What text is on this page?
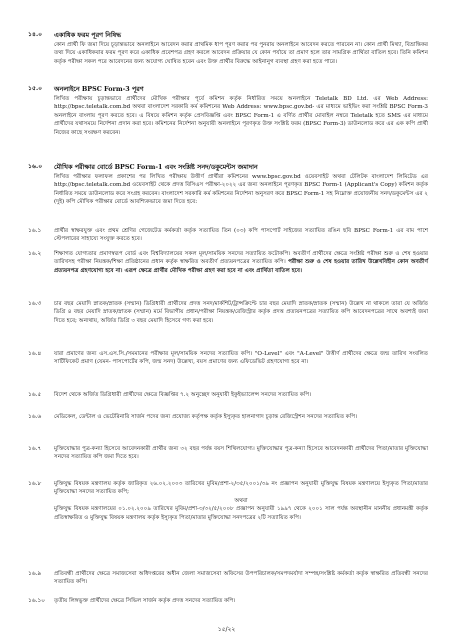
১৪.০	একাধিক ফরম পূরণ নিষিদ্ধ
কোন প্রার্থী ফি জমা দিয়ে চূড়ান্তভাবে অনলাইনে আবেদন করার প্রাথমিক ধাপ পূরণ করার পর পুনরায় অনলাইনে আবেদন করতে পারবেন না। কোন প্রার্থী মিথ্যা, বিভ্রান্তিকর তথ্য দিয়ে একাধিকবার ফরম পূরণ করে একাধিক প্রবেশপত্র গ্রহণ করলে আবেদন প্রক্রিয়ার যে কোন পর্যায়ে তা প্রমাণ হলে তার সামগ্রিক প্রার্থিতা বাতিল হবে। তিনি কমিশন কর্তৃক পরীক্ষা সকল পরে আবেদনের জন্য অযোগ্য ঘোষিত হবেন এবং উক্ত প্রার্থীর বিরুদ্ধে আইনানুগ ব্যবস্থা গ্রহণ করা হতে পারে।
১৫.০	অনলাইনে BPSC Form-3 পূরণ
লিখিত পরীক্ষায় চূড়ান্তভাবে প্রার্থীদের মৌখিক পরীক্ষার পূর্বে কমিশন কর্তৃক নির্ধারিত সময়ে অনলাইনে Teletalk BD Ltd. এর Web Address: http://bpsc.teletalk.com.bd অথবা বাংলাদেশ সরকারি কর্ম কমিশনের Web Address: www.bpsc.gov.bd- এর মাধ্যমে ভাইভিং করা সংশ্লিষ্ট BPSC Form-3 অনলাইনে বাংলায় পূরণ করতে হবে। এ বিষয়ে কমিশন কর্তৃক প্রেসবিজ্ঞপ্তি এবং BPSC Form-1 এ বর্ণিত প্রার্থীর মোবাইল নম্বরে Teletalk হতে SMS এর মাধ্যমে প্রার্থীদের যথাসময়ে নির্দেশনা প্রদান করা হবে। কমিশনের নির্দেশনা অনুযায়ী অনলাইনে পূরণকৃত উক্ত সংশ্লিষ্ট ফরম (BPSC Form-3) ডাউনলোড করে এর এক কপি প্রার্থী নিজের কাছে সংরক্ষণ করবেন।
১৬.০	মৌখিক পরীক্ষার বোর্ডে BPSC Form-1 এবং সংশ্লিষ্ট সনদ/ডকুমেন্টস জমাদান
লিখিত পরীক্ষার ফলাফল প্রকাশের পর লিখিত পরীক্ষায় উত্তীর্ণ প্রার্থীরা কমিশনের www.bpsc.gov.bd ওয়েবসাইট অথবা টেলিটক বাংলাদেশ লিমিটেড এর http://bpsc.teletalk.com.bd ওয়েবসাইট থেকে প্রদত্ত বিসিএস পরীক্ষা-২০২২ এর জন্য অনলাইনে পূরণকৃত BPSC Form-1 (Applicant's Copy) কমিশন কর্তৃক নির্ধারিত সময়ে ডাউনলোড করে সংগ্রহ করবেন। বাংলাদেশ সরকারি কর্ম কমিশনের নির্দেশনা অনুসরণ করে BPSC Form-1 সহ নিম্নোক্ত প্রয়োজনীয় সনদ/ডকুমেন্টস এর ২ (দুই) কপি মৌখিক পরীক্ষার বোর্ডে আবশ্যিকভাবে জমা দিতে হবে:
১৬.১	প্রার্থীর স্বাক্ষরযুক্ত এবং প্রথম শ্রেণির গেজেটেড কর্মকর্তা কর্তৃক সত্যায়িত তিন (০৩) কপি পাসপোর্ট সাইজের সত্যায়িত রঙিন ছবি BPSC Form-1 এর বাম পাশে স্টেপলারের সাহায্যে সংযুক্ত করতে হবে।
১৬.২	শিক্ষাগত যোগ্যতার প্রমাণস্বরূপ বোর্ড এবং বিশ্ববিদ্যালয়ের সকল মূল/সাময়িক সনদের সত্যায়িত ফটোকপি। অবতীর্ণ প্রার্থীদের ক্ষেত্রে সংশ্লিষ্ট পরীক্ষা শুরু ও শেষ হওয়ার তারিখসহ পরীক্ষা নিয়ন্ত্রক/শিক্ষা প্রতিষ্ঠানের প্রধান কর্তৃক স্বাক্ষরিত অবতীর্ণ প্রত্যয়নপত্রের সত্যায়িত কপি। পরীক্ষা শুরু ও শেষ হওয়ার তারিখ উল্লেখবিহীন কোন অবতীর্ণ প্রত্যয়নপত্র গ্রহণযোগ্য হবে না। এরূপ ক্ষেত্রে প্রার্থীর মৌখিক পরীক্ষা গ্রহণ করা হবে না এবং প্রার্থিতা বাতিল হবে।
১৬.৩	চার বছর মেয়াদি স্নাতক/স্নাতক (সম্মান) ডিগ্রিধারী প্রার্থীদের প্রদত্ত সনদ/মার্কশিট/ট্রান্সক্রিপ্টে চার বছর মেয়াদি স্নাতক/স্নাতক (সম্মান) উল্লেখ না থাকলে তারা যে অর্জিত ডিগ্রি ৪ বছর মেয়াদি স্নাতক/স্নাতক (সম্মান) মর্মে বিভাগীয় প্রধান/পরীক্ষা নিয়ন্ত্রক/রেজিস্ট্রার কর্তৃক প্রদত্ত প্রত্যয়নপত্রের সত্যায়িত কপি আবেদনপত্রের সাথে অবশ্যই জমা দিতে হবে; অন্যথায়, অর্জিত ডিগ্রি ৩ বছর মেয়াদি হিসেবে গণ্য করা হবে।
১৬.৪	যারা প্রমাণের জন্য এস.এস.সি./সমমানের পরীক্ষার মূল/সাময়িক সনদের সত্যায়িত কপি। "O-Level" এবং "A-Level" উত্তীর্ণ প্রার্থীদের ক্ষেত্রে জন্ম তারিখ সংবলিত সার্টিফিকেট প্রমাণ (যেমন- পাসপোর্টের কপি, জন্ম সনদ) উল্লেখ্য, বয়স প্রমাণের জন্য এফিডেভিট গ্রহণযোগ্য হবে না।
১৬.৫	বিদেশ থেকে অর্জিত ডিগ্রিধারী প্রার্থীদের ক্ষেত্রে বিজ্ঞপ্তির ৭.২ অনুচ্ছেদ অনুযায়ী ইকুইভ্যালেন্স সনদের সত্যায়িত কপি।
১৬.৬	মেডিকেল, ডেন্টাল ও ভেটেরিনারি সার্জন পদের জন্য প্রযোজ্য কর্তৃপক্ষ কর্তৃক ইস্যুকৃত হালনাগাদ চূড়ান্ত রেজিস্ট্রেশন সনদের সত্যায়িত কপি।
১৬.৭	মুক্তিযোদ্ধার পুত্র-কন্যা হিসেবে আবেদনকারী প্রার্থীর জন্য ৩২ বছর পর্যন্ত বয়স শিথিলযোগ্য। মুক্তিযোদ্ধার পুত্র-কন্যা হিসেবে আবেদনকারী প্রার্থীদের পিতা/মাতার মুক্তিযোদ্ধা সনদের সত্যায়িত কপি জমা দিতে হবে।
১৬.৮	মুক্তিযুদ্ধ বিষয়ক মন্ত্রণালয় কর্তৃক জারিকৃত ২৬.০২.২০০৩ তারিখের মুবিম/প্রশা-২/৩৫/২০০১/৩৯ নং প্রজ্ঞাপন অনুযায়ী মুক্তিযুদ্ধ বিষয়ক মন্ত্রণালয়ে ইস্যুকৃত পিতা/মাতার মুক্তিযোদ্ধা সনদের সত্যায়িত কপি;
অথবা
মুক্তিযুদ্ধ বিষয়ক মন্ত্রণালয়ের ০১.০২.২০০৯ তারিখের মুবিম/প্রশা-৩/৩২/৫/২০০৮ প্রজ্ঞাপন অনুযায়ী ১৯৯৭ থেকে ২০০১ সাল পর্যন্ত অবস্থানীন মাননীয় প্রধানমন্ত্রী কর্তৃক প্রতিস্বাক্ষরিত ও মুক্তিযুদ্ধ বিষয়ক মন্ত্রণালয় কর্তৃক ইস্যুকৃত পিতা/মাতার মুক্তিযোদ্ধা সনদপত্রের ২টি সত্যায়িত কপি।
১৬.৯	প্রতিবন্ধী প্রার্থীদের ক্ষেত্রে সমাজসেবা অধিদপ্তরের অধীন জেলা সমাজসেবা অফিসের উপপরিচালক/সমপদমর্যাদা সম্পন্ন/সংশ্লিষ্ট কর্মকর্তা কর্তৃক স্বাক্ষরিত প্রতিবন্ধী সনদের সত্যায়িত কপি।
১৬.১০	তৃতীয় লিঙ্গভুক্ত প্রার্থীদের ক্ষেত্রে সিভিল সার্জন কর্তৃক প্রদত্ত সনদের সত্যায়িত কপি।
১৫/২২
